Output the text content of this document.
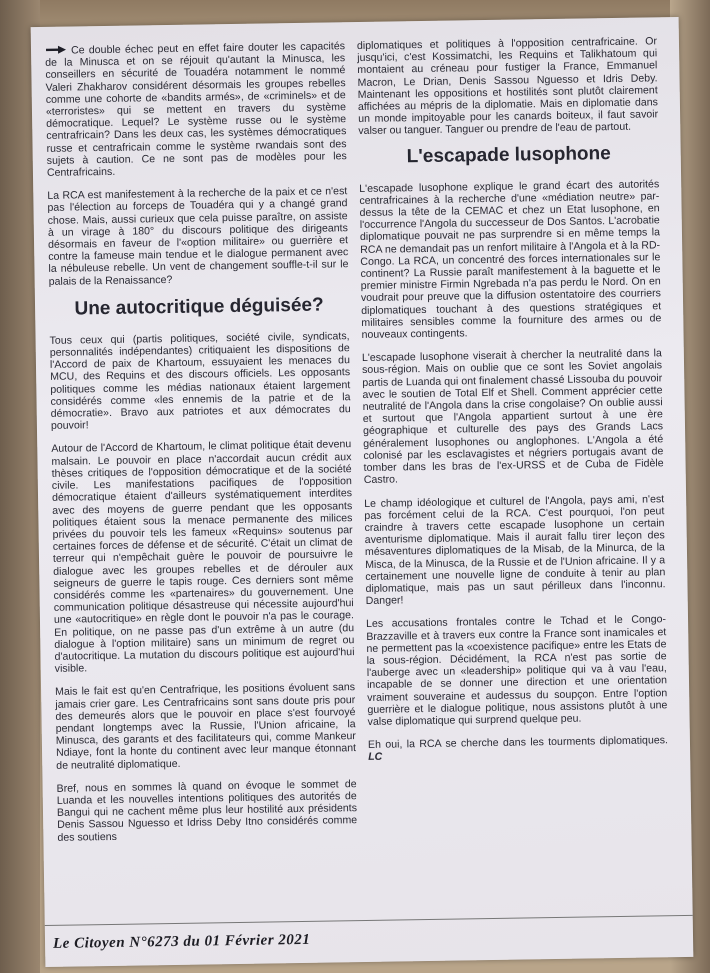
Ce double échec peut en effet faire douter les capacités de la Minusca et on se réjouit qu'autant la Minusca, les conseillers en sécurité de Touadéra notamment le nommé Valeri Zhakharov considérent désormais les groupes rebelles comme une cohorte de «bandits armés», de «criminels» et de «terroristes» qui se mettent en travers du système démocratique. Lequel? Le système russe ou le système centrafricain? Dans les deux cas, les systèmes démocratiques russe et centrafricain comme le système rwandais sont des sujets à caution. Ce ne sont pas de modèles pour les Centrafricains.

La RCA est manifestement à la recherche de la paix et ce n'est pas l'élection au forceps de Touadéra qui y a changé grand chose. Mais, aussi curieux que cela puisse paraître, on assiste à un virage à 180° du discours politique des dirigeants désormais en faveur de l'«option militaire» ou guerrière et contre la fameuse main tendue et le dialogue permanent avec la nébuleuse rebelle. Un vent de changement souffle-t-il sur le palais de la Renaissance?

Une autocritique déguisée?

Tous ceux qui (partis politiques, société civile, syndicats, personnalités indépendantes) critiquaient les dispositions de l'Accord de paix de Khartoum, essuyaient les menaces du MCU, des Requins et des discours officiels. Les opposants politiques comme les médias nationaux étaient largement considérés comme «les ennemis de la patrie et de la démocratie». Bravo aux patriotes et aux démocrates du pouvoir!

Autour de l'Accord de Khartoum, le climat politique était devenu malsain. Le pouvoir en place n'accordait aucun crédit aux thèses critiques de l'opposition démocratique et de la société civile. Les manifestations pacifiques de l'opposition démocratique étaient d'ailleurs systématiquement interdites avec des moyens de guerre pendant que les opposants politiques étaient sous la menace permanente des milices privées du pouvoir tels les fameux «Requins» soutenus par certaines forces de défense et de sécurité. C'était un climat de terreur qui n'empêchait guère le pouvoir de poursuivre le dialogue avec les groupes rebelles et de dérouler aux seigneurs de guerre le tapis rouge. Ces derniers sont même considérés comme les «partenaires» du gouvernement. Une communication politique désastreuse qui nécessite aujourd'hui une «autocritique» en règle dont le pouvoir n'a pas le courage. En politique, on ne passe pas d'un extrême à un autre (du dialogue à l'option militaire) sans un minimum de regret ou d'autocritique. La mutation du discours politique est aujourd'hui visible.

Mais le fait est qu'en Centrafrique, les positions évoluent sans jamais crier gare. Les Centrafricains sont sans doute pris pour des demeurés alors que le pouvoir en place s'est fourvoyé pendant longtemps avec la Russie, l'Union africaine, la Minusca, des garants et des facilitateurs qui, comme Mankeur Ndiaye, font la honte du continent avec leur manque étonnant de neutralité diplomatique.

Bref, nous en sommes là quand on évoque le sommet de Luanda et les nouvelles intentions politiques des autorités de Bangui qui ne cachent même plus leur hostilité aux présidents Denis Sassou Nguesso et Idriss Deby Itno considérés comme des soutiens

diplomatiques et politiques à l'opposition centrafricaine. Or jusqu'ici, c'est Kossimatchi, les Requins et Talikhatoum qui montaient au créneau pour fustiger la France, Emmanuel Macron, Le Drian, Denis Sassou Nguesso et Idris Deby. Maintenant les oppositions et hostilités sont plutôt clairement affichées au mépris de la diplomatie. Mais en diplomatie dans un monde impitoyable pour les canards boiteux, il faut savoir valser ou tanguer. Tanguer ou prendre de l'eau de partout.

L'escapade lusophone

L'escapade lusophone explique le grand écart des autorités centrafricaines à la recherche d'une «médiation neutre» par-dessus la tête de la CEMAC et chez un Etat lusophone, en l'occurrence l'Angola du successeur de Dos Santos. L'acrobatie diplomatique pouvait ne pas surprendre si en même temps la RCA ne demandait pas un renfort militaire à l'Angola et à la RD-Congo. La RCA, un concentré des forces internationales sur le continent? La Russie paraît manifestement à la baguette et le premier ministre Firmin Ngrebada n'a pas perdu le Nord. On en voudrait pour preuve que la diffusion ostentatoire des courriers diplomatiques touchant à des questions stratégiques et militaires sensibles comme la fourniture des armes ou de nouveaux contingents.

L'escapade lusophone viserait à chercher la neutralité dans la sous-région. Mais on oublie que ce sont les Soviet angolais partis de Luanda qui ont finalement chassé Lissouba du pouvoir avec le soutien de Total Elf et Shell. Comment apprécier cette neutralité de l'Angola dans la crise congolaise? On oublie aussi et surtout que l'Angola appartient surtout à une ère géographique et culturelle des pays des Grands Lacs généralement lusophones ou anglophones. L'Angola a été colonisé par les esclavagistes et négriers portugais avant de tomber dans les bras de l'ex-URSS et de Cuba de Fidèle Castro.

Le champ idéologique et culturel de l'Angola, pays ami, n'est pas forcément celui de la RCA. C'est pourquoi, l'on peut craindre à travers cette escapade lusophone un certain aventurisme diplomatique. Mais il aurait fallu tirer leçon des mésaventures diplomatiques de la Misab, de la Minurca, de la Misca, de la Minusca, de la Russie et de l'Union africaine. Il y a certainement une nouvelle ligne de conduite à tenir au plan diplomatique, mais pas un saut périlleux dans l'inconnu. Danger!

Les accusations frontales contre le Tchad et le Congo-Brazzaville et à travers eux contre la France sont inamicales et ne permettent pas la «coexistence pacifique» entre les Etats de la sous-région. Décidément, la RCA n'est pas sortie de l'auberge avec un «leadership» politique qui va à vau l'eau, incapable de se donner une direction et une orientation vraiment souveraine et audessus du soupçon. Entre l'option guerrière et le dialogue politique, nous assistons plutôt à une valse diplomatique qui surprend quelque peu.

Eh oui, la RCA se cherche dans les tourments diplomatiques. LC

Le Citoyen N°6273 du 01 Février 2021
